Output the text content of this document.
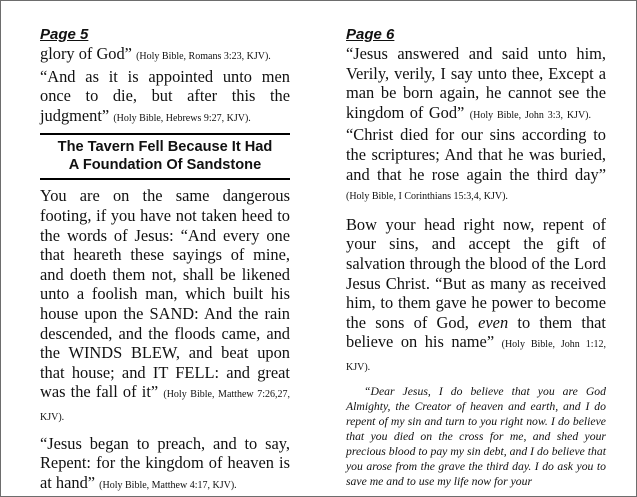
Page 5

glory of God” (Holy Bible, Romans 3:23, KJV).

“And as it is appointed unto men once to die, but after this the judgment” (Holy Bible, Hebrews 9:27, KJV).

The Tavern Fell Because It Had
A Foundation Of Sandstone

You are on the same dangerous footing, if you have not taken heed to the words of Jesus: “And every one that heareth these sayings of mine, and doeth them not, shall be likened unto a foolish man, which built his house upon the SAND: And the rain descended, and the floods came, and the WINDS BLEW, and beat upon that house; and IT FELL: and great was the fall of it” (Holy Bible, Matthew 7:26,27, KJV).

“Jesus began to preach, and to say, Repent: for the kingdom of heaven is at hand” (Holy Bible, Matthew 4:17, KJV).

Page 6

“Jesus answered and said unto him, Verily, verily, I say unto thee, Except a man be born again, he cannot see the kingdom of God” (Holy Bible, John 3:3, KJV).    “Christ died for our sins according to the scriptures; And that he was buried, and that he rose again the third day” (Holy Bible, I Corinthians 15:3,4, KJV).

Bow your head right now, repent of your sins, and accept the gift of salvation through the blood of the Lord Jesus Christ. “But as many as received him, to them gave he power to become the sons of God, even to them that believe on his name” (Holy Bible, John 1:12, KJV).

“Dear Jesus, I do believe that you are God Almighty, the Creator of heaven and earth, and I do repent of my sin and turn to you right now. I do believe that you died on the cross for me, and shed your precious blood to pay my sin debt, and I do believe that you arose from the grave the third day. I do ask you to save me and to use my life now for your
